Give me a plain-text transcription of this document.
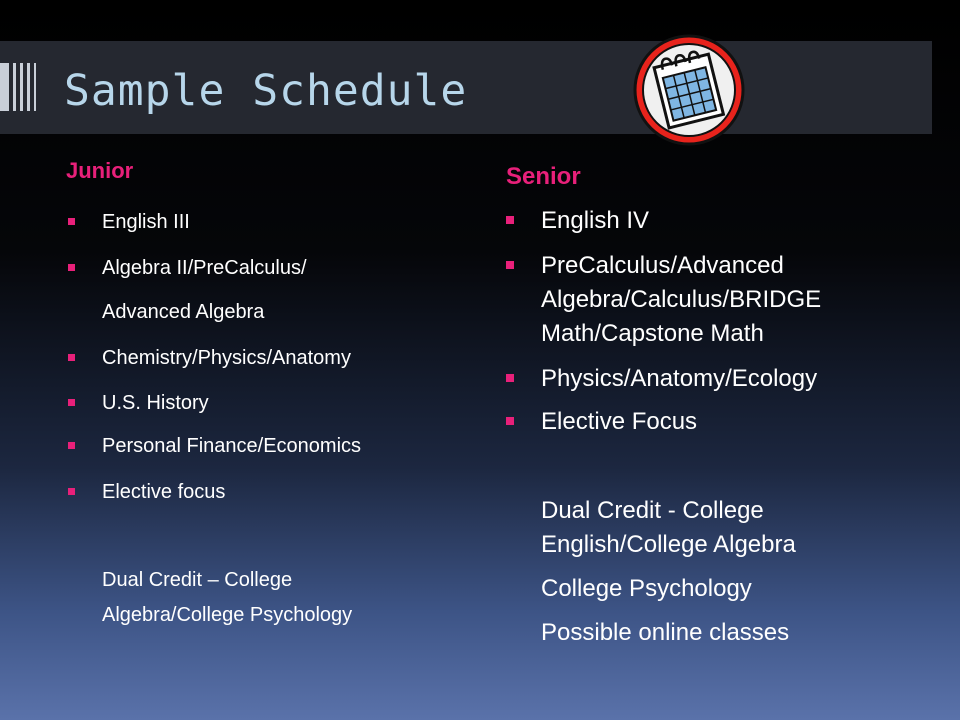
Sample Schedule
Junior
English III
Algebra II/PreCalculus/
Advanced Algebra
Chemistry/Physics/Anatomy
U.S. History
Personal Finance/Economics
Elective focus

Dual Credit – College

Algebra/College Psychology

Senior
English IV
PreCalculus/Advanced
Algebra/Calculus/BRIDGE
Math/Capstone Math
Physics/Anatomy/Ecology
Elective Focus

Dual Credit - College

English/College Algebra

College Psychology

Possible online classes
